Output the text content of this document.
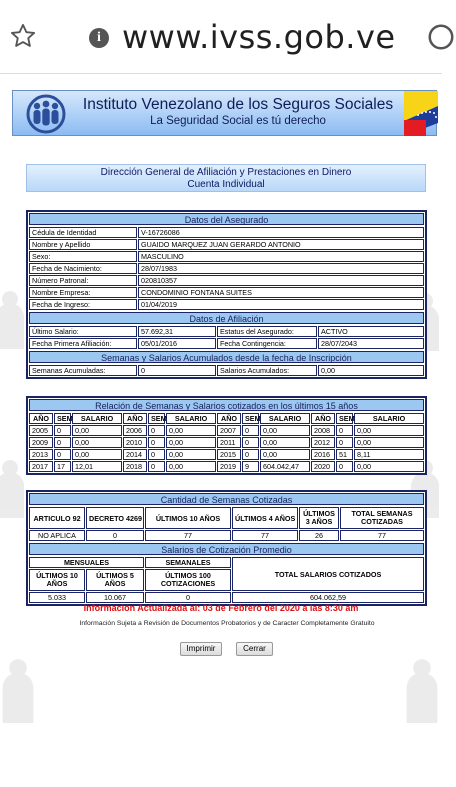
i www.ivss.gob.ve
Instituto Venezolano de los Seguros Sociales
La Seguridad Social es tú derecho
Dirección General de Afiliación y Prestaciones en Dinero
Cuenta Individual
Datos del Asegurado
Cédula de Identidad	V-16726086
Nombre y Apellido	GUAIDO MARQUEZ JUAN GERARDO ANTONIO
Sexo:	MASCULINO
Fecha de Nacimiento:	28/07/1983
Número Patronal:	020810357
Nombre Empresa:	CONDOMINIO FONTANA SUITES
Fecha de Ingreso:	01/04/2019
Datos de Afiliación
Último Salario:	57.692,31	Estatus del Asegurado:	ACTIVO
Fecha Primera Afiliación:	05/01/2016	Fecha Contingencia:	28/07/2043
Semanas y Salarios Acumulados desde la fecha de Inscripción
Semanas Acumuladas:	0	Salarios Acumulados:	0,00
Relación de Semanas y Salarios cotizados en los últimos 15 años
AÑO	SEM	SALARIO	AÑO	SEM	SALARIO	AÑO	SEM	SALARIO	AÑO	SEM	SALARIO
2005	0	0,00	2006	0	0,00	2007	0	0,00	2008	0	0,00
2009	0	0,00	2010	0	0,00	2011	0	0,00	2012	0	0,00
2013	0	0,00	2014	0	0,00	2015	0	0,00	2016	51	8,11
2017	17	12,01	2018	0	0,00	2019	9	604.042,47	2020	0	0,00
Cantidad de Semanas Cotizadas
ARTICULO 92	DECRETO 4269	ÚLTIMOS 10 AÑOS	ÚLTIMOS 4 AÑOS	ÚLTIMOS 3 AÑOS	TOTAL SEMANAS COTIZADAS
NO APLICA	0	77	77	26	77
Salarios de Cotización Promedio
MENSUALES		SEMANALES	TOTAL SALARIOS COTIZADOS
ÚLTIMOS 10 AÑOS	ÚLTIMOS 5 AÑOS	ÚLTIMOS 100 COTIZACIONES	
5.033	10.067	0	604.062,59
Información Actualizada al: 03 de Febrero del 2020 a las 8:30 am
Información Sujeta a Revisión de Documentos Probatorios y de Caracter Completamente Gratuito
Imprimir	Cerrar
